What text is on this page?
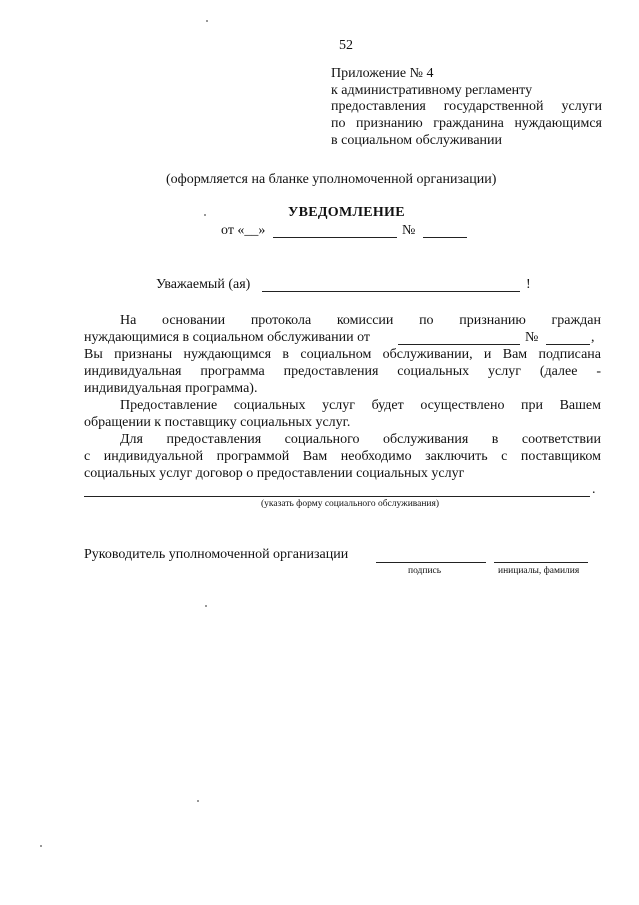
52
Приложение № 4
к административному регламенту
предоставления государственной услуги
по признанию гражданина нуждающимся
в социальном обслуживании
(оформляется на бланке уполномоченной организации)
УВЕДОМЛЕНИЕ
от «__»	№
Уважаемый (ая)	!
На основании протокола комиссии по признанию граждан
нуждающимися в социальном обслуживании от	№	,
Вы признаны нуждающимся в социальном обслуживании, и Вам подписана
индивидуальная программа предоставления социальных услуг (далее -
индивидуальная программа).
Предоставление социальных услуг будет осуществлено при Вашем
обращении к поставщику социальных услуг.
Для предоставления социального обслуживания в соответствии
с индивидуальной программой Вам необходимо заключить с поставщиком
социальных услуг договор о предоставлении социальных услуг
.
(указать форму социального обслуживания)
Руководитель уполномоченной организации
подпись	инициалы, фамилия
